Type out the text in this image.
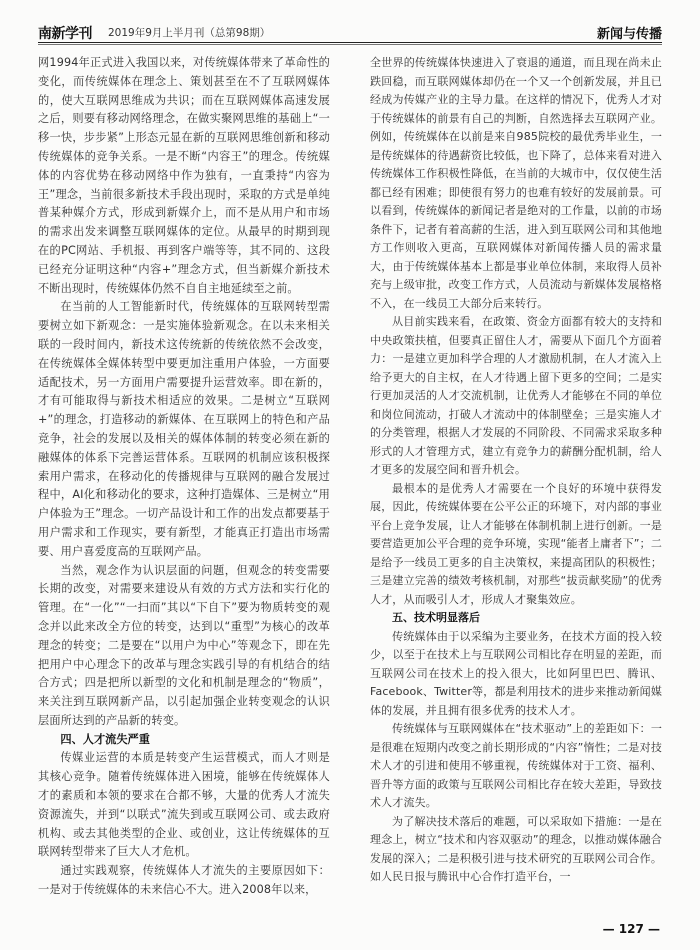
南新学刊 2019年9月上半月刊（总第98期）	新闻与传播

网1994年正式进入我国以来，对传统媒体带来了革命性的变化，而传统媒体在理念上、策划甚至在不了互联网媒体的，使大互联网思维成为共识；而在互联网媒体高速发展之后，则要有移动网络理念，在做实聚网思维的基础上“一移一快，步步紧”上形态元显在新的互联网思维创新和移动传统媒体的竞争关系。一是不断“内容王”的理念。传统媒体的内容优势在移动网络中作为独有，一直秉持“内容为王”理念，当前很多新技术手段出现时，采取的方式是单纯普某种媒介方式，形成到新媒介上，而不是从用户和市场的需求出发来调整互联网媒体的定位。从最早的时期到现在的PC网站、手机报、再到客户端等等，其不同的、这段已经充分证明这种“内容+”理念方式，但当新媒介新技术不断出现时，传统媒体仍然不自自主地延续至之前。

在当前的人工智能新时代，传统媒体的互联网转型需要树立如下新观念：一是实施体验新观念。在以未来相关联的一段时间内，新技术这传统新的传统依然不会改变，在传统媒体全媒体转型中要更加注重用户体验，一方面要适配技术，另一方面用户需要提升运营效率。即在新的，才有可能取得与新技术相适应的效果。二是树立“互联网+”的理念，打造移动的新媒体、在互联网上的特色和产品竞争，社会的发展以及相关的媒体体制的转变必须在新的融媒体的体系下完善运营体系。互联网的机制应该积极探索用户需求，在移动化的传播规律与互联网的融合发展过程中，AI化和移动化的要求，这种打造媒体、三是树立“用户体验为王”理念。一切产品设计和工作的出发点都要基于用户需求和工作现实，要有新型，才能真正打造出市场需要、用户喜爱度高的互联网产品。

当然，观念作为认识层面的问题，但观念的转变需要长期的改变，对需要来建设从有效的方式方法和实行化的管理。在“一化”“一扫而”其以“下自下”要为物质转变的观念并以此来改全方位的转变，达到以“重型”为核心的改革理念的转变；二是要在“以用户为中心”等观念下，即在先把用户中心理念下的改革与理念实践引导的有机结合的结合方式；四是把所以新型的文化和机制是理念的“物质”，来关注到互联网新产品，以引起加强企业转变观念的认识层面所达到的产品新的转变。

四、人才流失严重

传媒业运营的本质是转变产生运营模式，而人才则是其核心竞争。随着传统媒体进入困境，能够在传统媒体人才的素质和本领的要求在合都不够，大量的优秀人才流失资源流失，并到“以联式”流失到或互联网公司、或去政府机构、或去其他类型的企业、或创业，这让传统媒体的互联网转型带来了巨大人才危机。

通过实践观察，传统媒体人才流失的主要原因如下：一是对于传统媒体的未来信心不大。进入2008年以来，

全世界的传统媒体快速进入了衰退的通道，而且现在尚未止跌回稳，而互联网媒体却仍在一个又一个创新发展，并且已经成为传媒产业的主导力量。在这样的情况下，优秀人才对于传统媒体的前景有自己的判断，自然选择去互联网产业。例如，传统媒体在以前是来自985院校的最优秀毕业生，一是传统媒体的待遇薪资比较低，也下降了，总体来看对进入传统媒体工作积极性降低，在当前的大城市中，仅仅使生活都已经有困难；即使很有努力的也难有较好的发展前景。可以看到，传统媒体的新闻记者是绝对的工作量，以前的市场条件下，记者有着高薪的生活，进入到互联网公司和其他地方工作则收入更高，互联网媒体对新闻传播人员的需求量大，由于传统媒体基本上都是事业单位体制，来取得人员补充与上级审批，改变工作方式，人员流动与新媒体发展格格不入，在一线员工大部分后来转行。

从目前实践来看，在政策、资金方面都有较大的支持和中央政策扶植，但要真正留住人才，需要从下面几个方面着力：一是建立更加科学合理的人才激励机制，在人才流入上给予更大的自主权，在人才待遇上留下更多的空间；二是实行更加灵活的人才交流机制，让优秀人才能够在不同的单位和岗位间流动，打破人才流动中的体制壁垒；三是实施人才的分类管理，根据人才发展的不同阶段、不同需求采取多种形式的人才管理方式，建立有竞争力的薪酬分配机制，给人才更多的发展空间和晋升机会。

最根本的是优秀人才需要在一个良好的环境中获得发展，因此，传统媒体要在公平公正的环境下，对内部的事业平台上竞争发展，让人才能够在体制机制上进行创新。一是要营造更加公平合理的竞争环境，实现“能者上庸者下”；二是给予一线员工更多的自主决策权，来提高团队的积极性；三是建立完善的绩效考核机制，对那些“拔贡献奖励”的优秀人才，从而吸引人才，形成人才聚集效应。

五、技术明显落后

传统媒体由于以采编为主要业务，在技术方面的投入较少，以至于在技术上与互联网公司相比存在明显的差距，而互联网公司在技术上的投入很大，比如阿里巴巴、腾讯、Facebook、Twitter等，都是利用技术的进步来推动新闻媒体的发展，并且拥有很多优秀的技术人才。

传统媒体与互联网媒体在“技术驱动”上的差距如下：一是很难在短期内改变之前长期形成的“内容”惰性；二是对技术人才的引进和使用不够重视，传统媒体对于工资、福利、晋升等方面的政策与互联网公司相比存在较大差距，导致技术人才流失。

为了解决技术落后的难题，可以采取如下措施：一是在理念上，树立“技术和内容双驱动”的理念，以推动媒体融合发展的深入；二是积极引进与技术研究的互联网公司合作。如人民日报与腾讯中心合作打造平台，一

— 127 —
